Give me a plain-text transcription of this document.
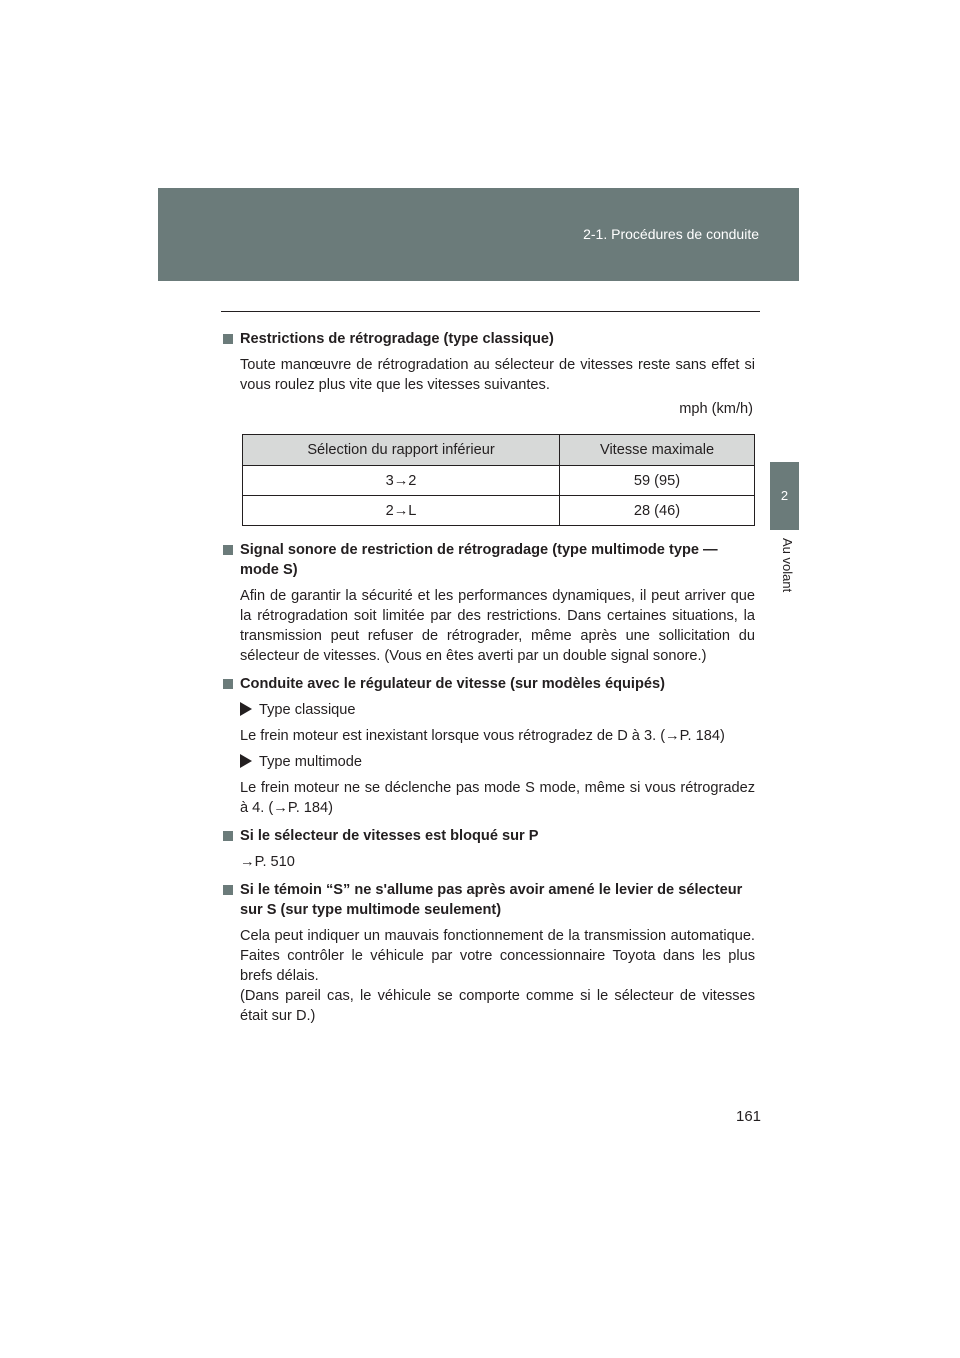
2-1. Procédures de conduite
2
Au volant
Restrictions de rétrogradage (type classique)
Toute manœuvre de rétrogradation au sélecteur de vitesses reste sans effet si vous roulez plus vite que les vitesses suivantes.
mph (km/h)
Sélection du rapport inférieur	Vitesse maximale
3→2	59 (95)
2→L	28 (46)
Signal sonore de restriction de rétrogradage (type multimode type — mode S)
Afin de garantir la sécurité et les performances dynamiques, il peut arriver que la rétrogradation soit limitée par des restrictions. Dans certaines situations, la transmission peut refuser de rétrograder, même après une sollicitation du sélecteur de vitesses. (Vous en êtes averti par un double signal sonore.)
Conduite avec le régulateur de vitesse (sur modèles équipés)
Type classique
Le frein moteur est inexistant lorsque vous rétrogradez de D à 3. (→P. 184)
Type multimode
Le frein moteur ne se déclenche pas mode S mode, même si vous rétrogradez à 4. (→P. 184)
Si le sélecteur de vitesses est bloqué sur P
→P. 510
Si le témoin “S” ne s'allume pas après avoir amené le levier de sélecteur sur S (sur type multimode seulement)
Cela peut indiquer un mauvais fonctionnement de la transmission automatique. Faites contrôler le véhicule par votre concessionnaire Toyota dans les plus brefs délais.
(Dans pareil cas, le véhicule se comporte comme si le sélecteur de vitesses était sur D.)
161
